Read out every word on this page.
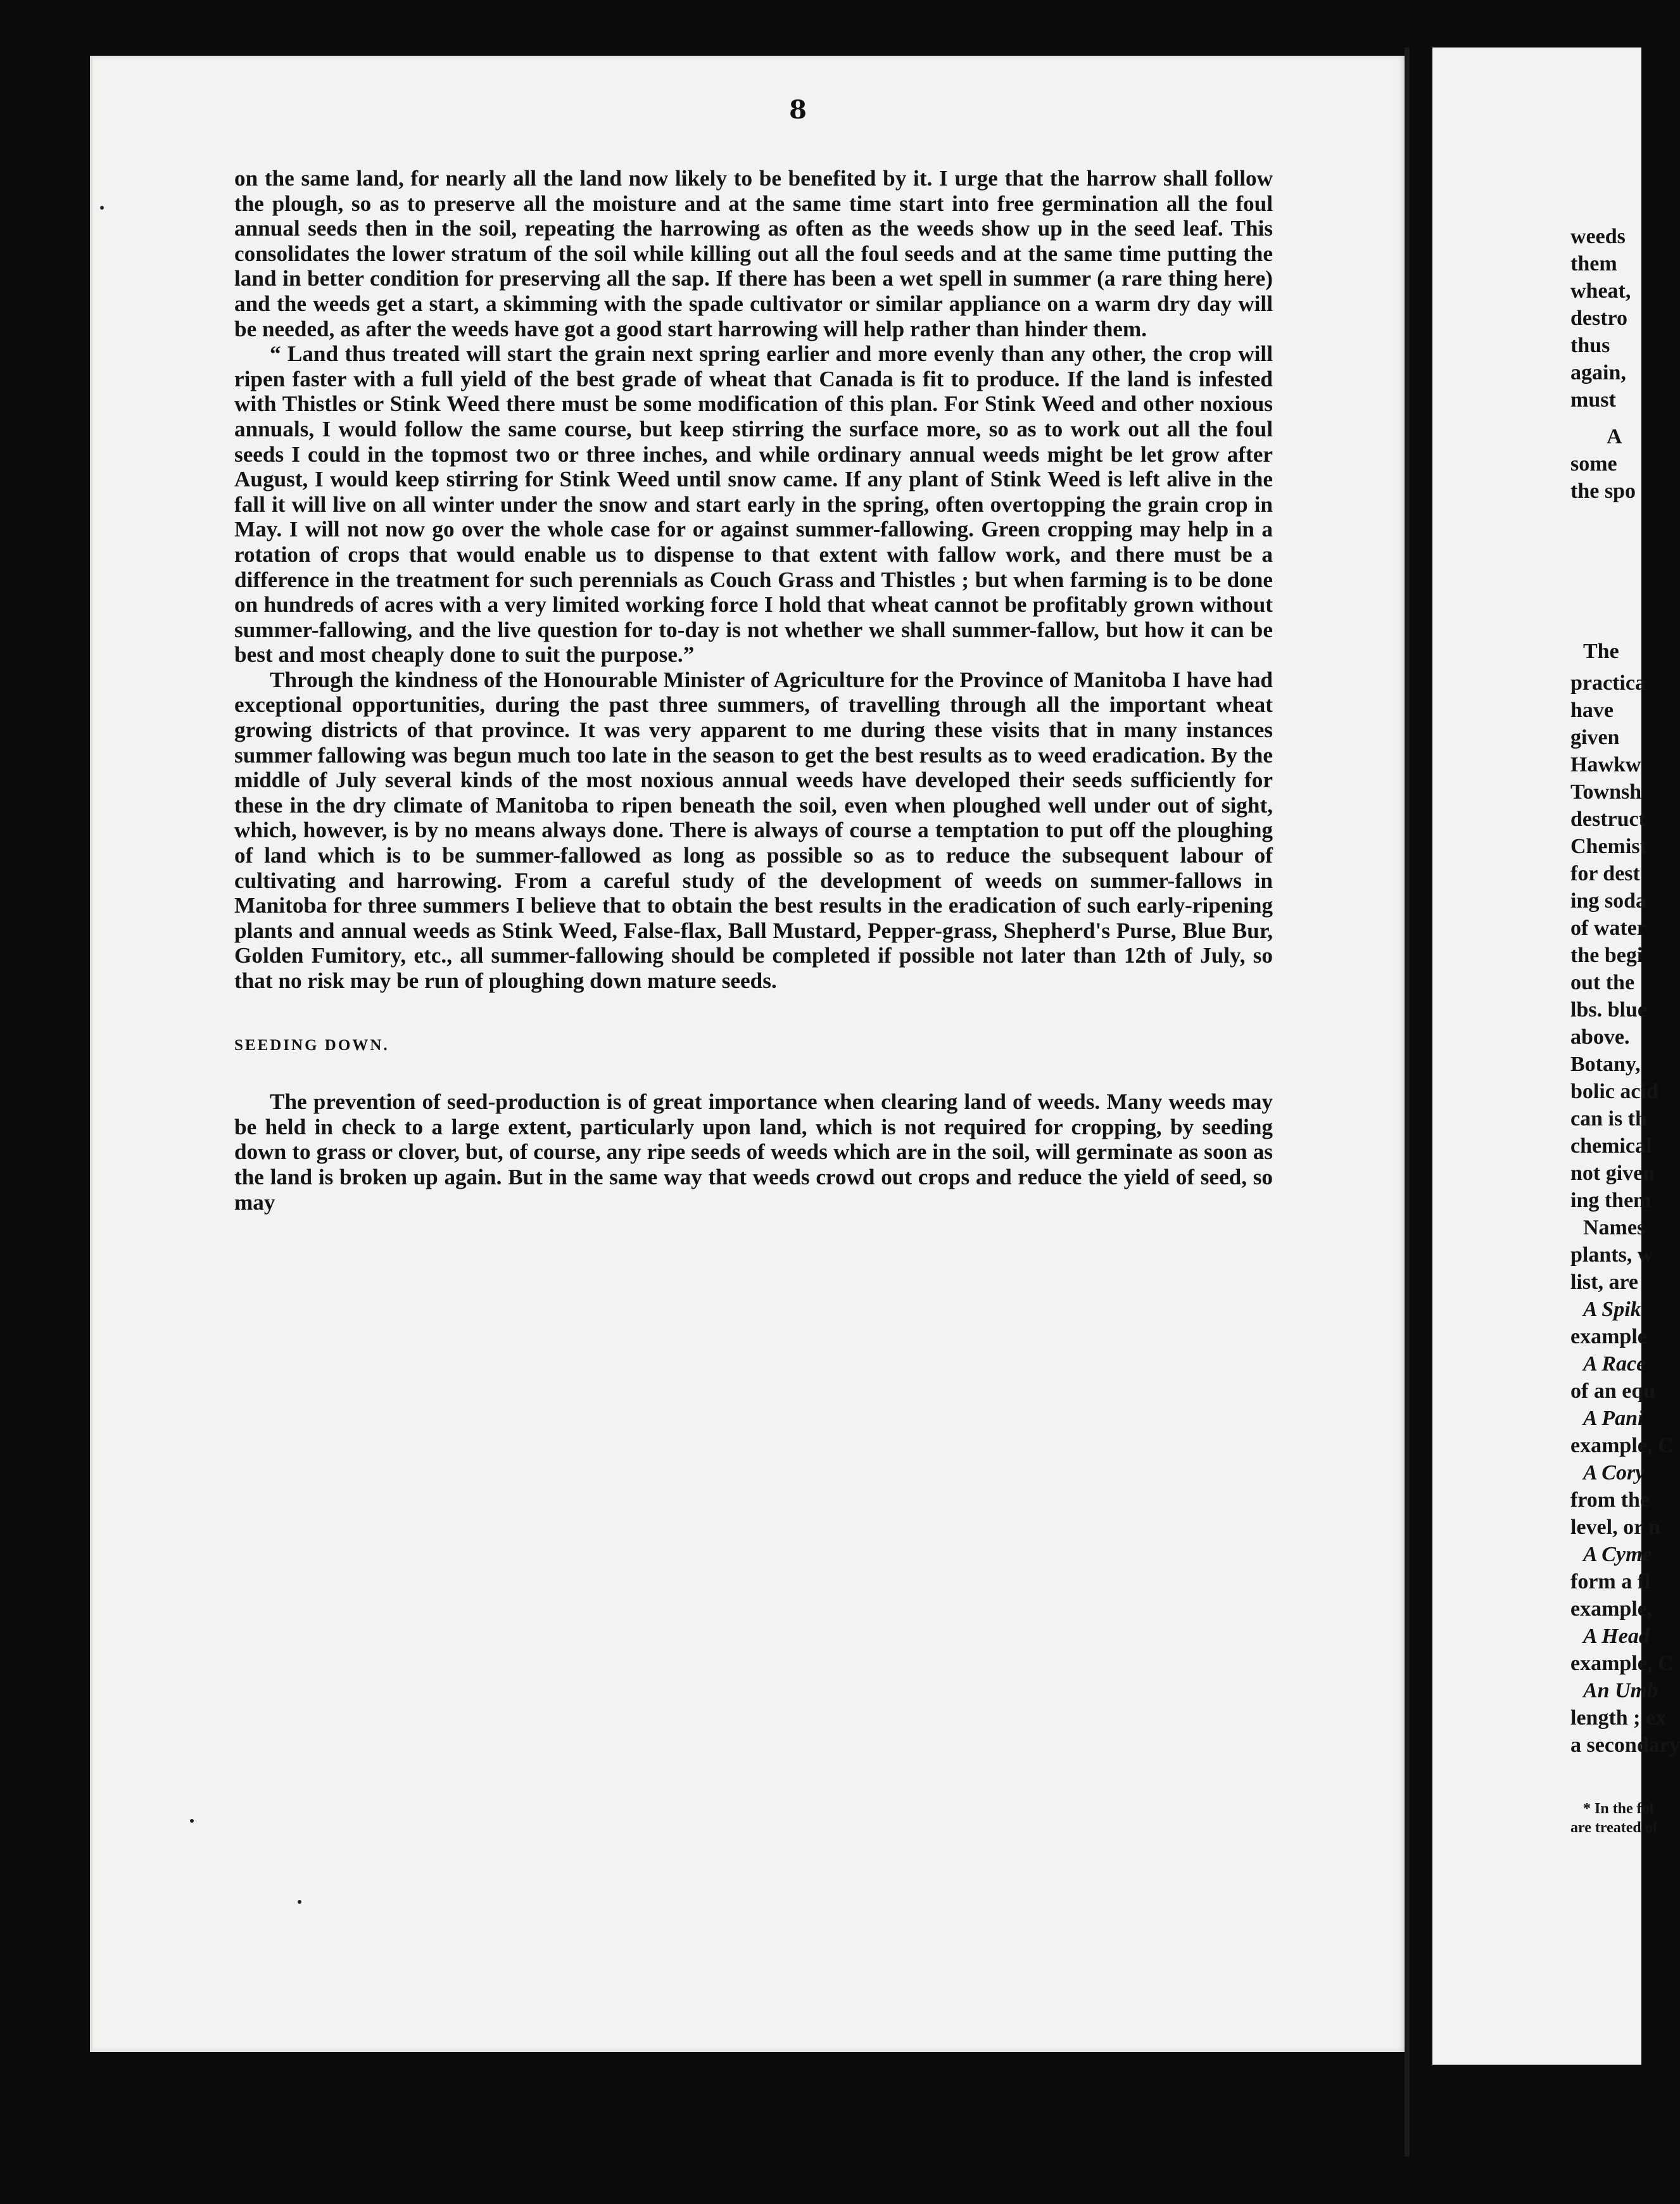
8

on the same land, for nearly all the land now likely to be benefited by it. I urge that the harrow shall follow the plough, so as to preserve all the moisture and at the same time start into free germination all the foul annual seeds then in the soil, repeating the harrowing as often as the weeds show up in the seed leaf. This consolidates the lower stratum of the soil while killing out all the foul seeds and at the same time putting the land in better condition for preserving all the sap. If there has been a wet spell in summer (a rare thing here) and the weeds get a start, a skimming with the spade cultivator or similar appliance on a warm dry day will be needed, as after the weeds have got a good start harrowing will help rather than hinder them.

“ Land thus treated will start the grain next spring earlier and more evenly than any other, the crop will ripen faster with a full yield of the best grade of wheat that Canada is fit to produce. If the land is infested with Thistles or Stink Weed there must be some modification of this plan. For Stink Weed and other noxious annuals, I would follow the same course, but keep stirring the surface more, so as to work out all the foul seeds I could in the topmost two or three inches, and while ordinary annual weeds might be let grow after August, I would keep stirring for Stink Weed until snow came. If any plant of Stink Weed is left alive in the fall it will live on all winter under the snow and start early in the spring, often overtopping the grain crop in May. I will not now go over the whole case for or against summer-fallowing. Green cropping may help in a rotation of crops that would enable us to dispense to that extent with fallow work, and there must be a difference in the treatment for such perennials as Couch Grass and Thistles ; but when farming is to be done on hundreds of acres with a very limited working force I hold that wheat cannot be profitably grown without summer-fallowing, and the live question for to-day is not whether we shall summer-fallow, but how it can be best and most cheaply done to suit the purpose.”

Through the kindness of the Honourable Minister of Agriculture for the Province of Manitoba I have had exceptional opportunities, during the past three summers, of travelling through all the important wheat growing districts of that province. It was very apparent to me during these visits that in many instances summer fallowing was begun much too late in the season to get the best results as to weed eradication. By the middle of July several kinds of the most noxious annual weeds have developed their seeds sufficiently for these in the dry climate of Manitoba to ripen beneath the soil, even when ploughed well under out of sight, which, however, is by no means always done. There is always of course a temptation to put off the ploughing of land which is to be summer-fallowed as long as possible so as to reduce the subsequent labour of cultivating and harrowing. From a careful study of the development of weeds on summer-fallows in Manitoba for three summers I believe that to obtain the best results in the eradication of such early-ripening plants and annual weeds as Stink Weed, False-flax, Ball Mustard, Pepper-grass, Shepherd's Purse, Blue Bur, Golden Fumitory, etc., all summer-fallowing should be completed if possible not later than 12th of July, so that no risk may be run of ploughing down mature seeds.

SEEDING DOWN.

The prevention of seed-production is of great importance when clearing land of weeds. Many weeds may be held in check to a large extent, particularly upon land, which is not required for cropping, by seeding down to grass or clover, but, of course, any ripe seeds of weeds which are in the soil, will germinate as soon as the land is broken up again. But in the same way that weeds crowd out crops and reduce the yield of seed, so may

weeds
them
wheat,
destro
thus
again,
must
A
some
the spo
The
practica
have
given
Hawkw
Townsh
destruct
Chemist
for dest
ing soda
of water
the begi
out the
lbs. blue
above.
Botany,
bolic acid
can is th
chemical
not given
ing them
Names
plants, w
list, are
A Spik
example
A Race
of an equ
A Pani
example, C
A Cory
from the
level, or n
A Cyme
form a fl
example,
A Head
example, C
An Umb
length ; ex
a secondary
* In the fol
are treated of
